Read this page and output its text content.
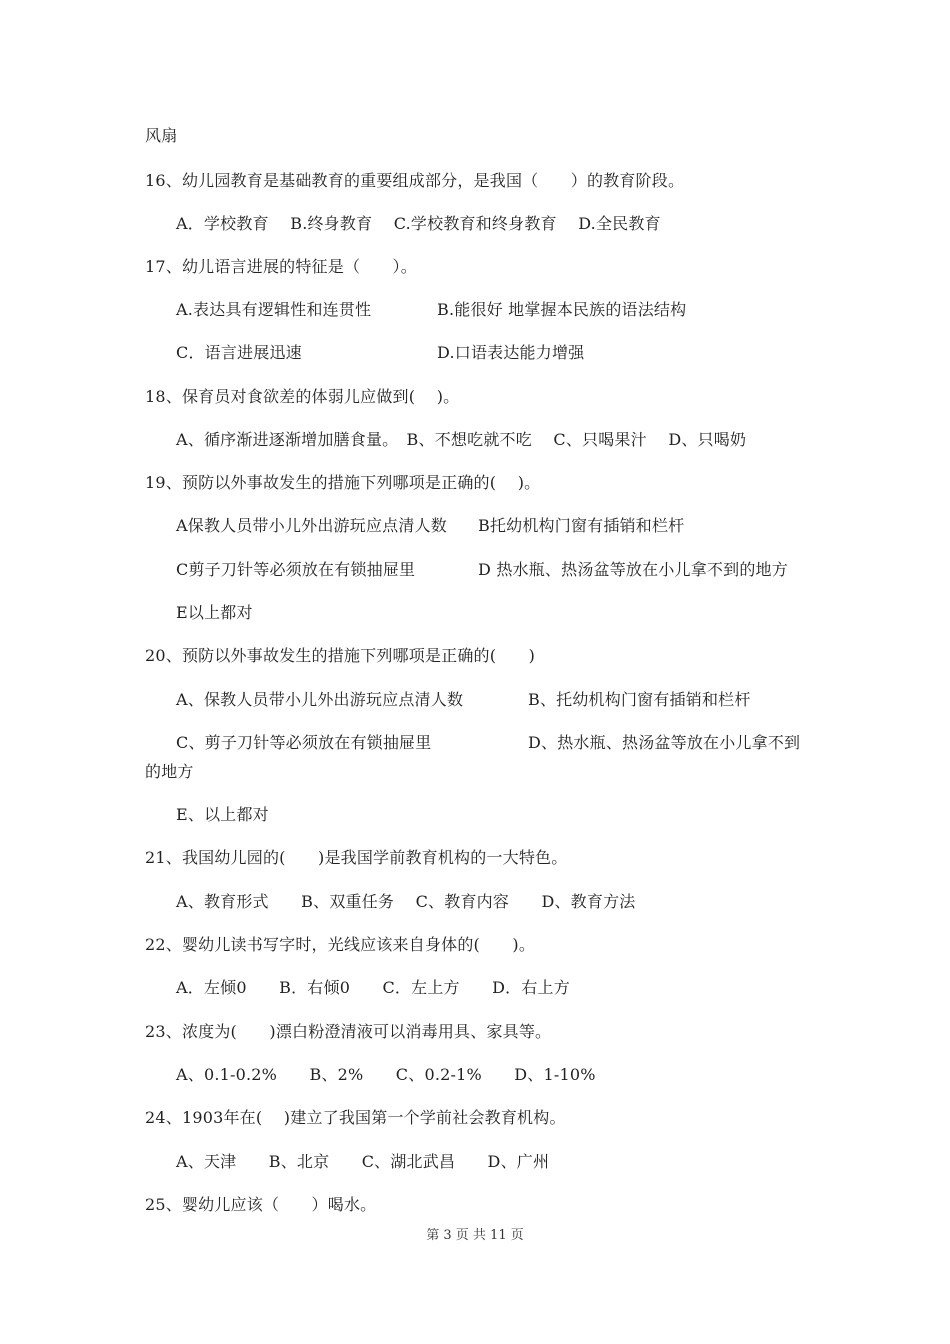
风扇
16、幼儿园教育是基础教育的重要组成部分，是我国（　　）的教育阶段。
A．学校教育　 B.终身教育　 C.学校教育和终身教育　 D.全民教育
17、幼儿语言进展的特征是（　　）。
A.表达具有逻辑性和连贯性	B.能很好 地掌握本民族的语法结构
C．语言进展迅速	D.口语表达能力增强
18、保育员对食欲差的体弱儿应做到(　 )。
A、循序渐进逐渐增加膳食量。　B、不想吃就不吃　 C、只喝果汁　 D、只喝奶
19、预防以外事故发生的措施下列哪项是正确的(　 )。
A保教人员带小儿外出游玩应点清人数 B托幼机构门窗有插销和栏杆
C剪子刀针等必须放在有锁抽屉里	D 热水瓶、热汤盆等放在小儿拿不到的地方
E以上都对
20、预防以外事故发生的措施下列哪项是正确的(　　)
A、保教人员带小儿外出游玩应点清人数	B、托幼机构门窗有插销和栏杆
C、剪子刀针等必须放在有锁抽屉里	D、热水瓶、热汤盆等放在小儿拿不到
的地方
E、以上都对
21、我国幼儿园的(　　)是我国学前教育机构的一大特色。
A、教育形式　　B、双重任务　 C、教育内容　　D、教育方法
22、婴幼儿读书写字时，光线应该来自身体的(　　)。
A．左倾0　　B．右倾0　　C．左上方　　D．右上方
23、浓度为(　　)漂白粉澄清液可以消毒用具、家具等。
A、0.1-0.2%　　B、2%　　C、0.2-1%　　D、1-10%
24、1903年在(　 )建立了我国第一个学前社会教育机构。
A、天津　　B、北京　　C、湖北武昌　　D、广州
25、婴幼儿应该（　　）喝水。
第 3 页 共 11 页
